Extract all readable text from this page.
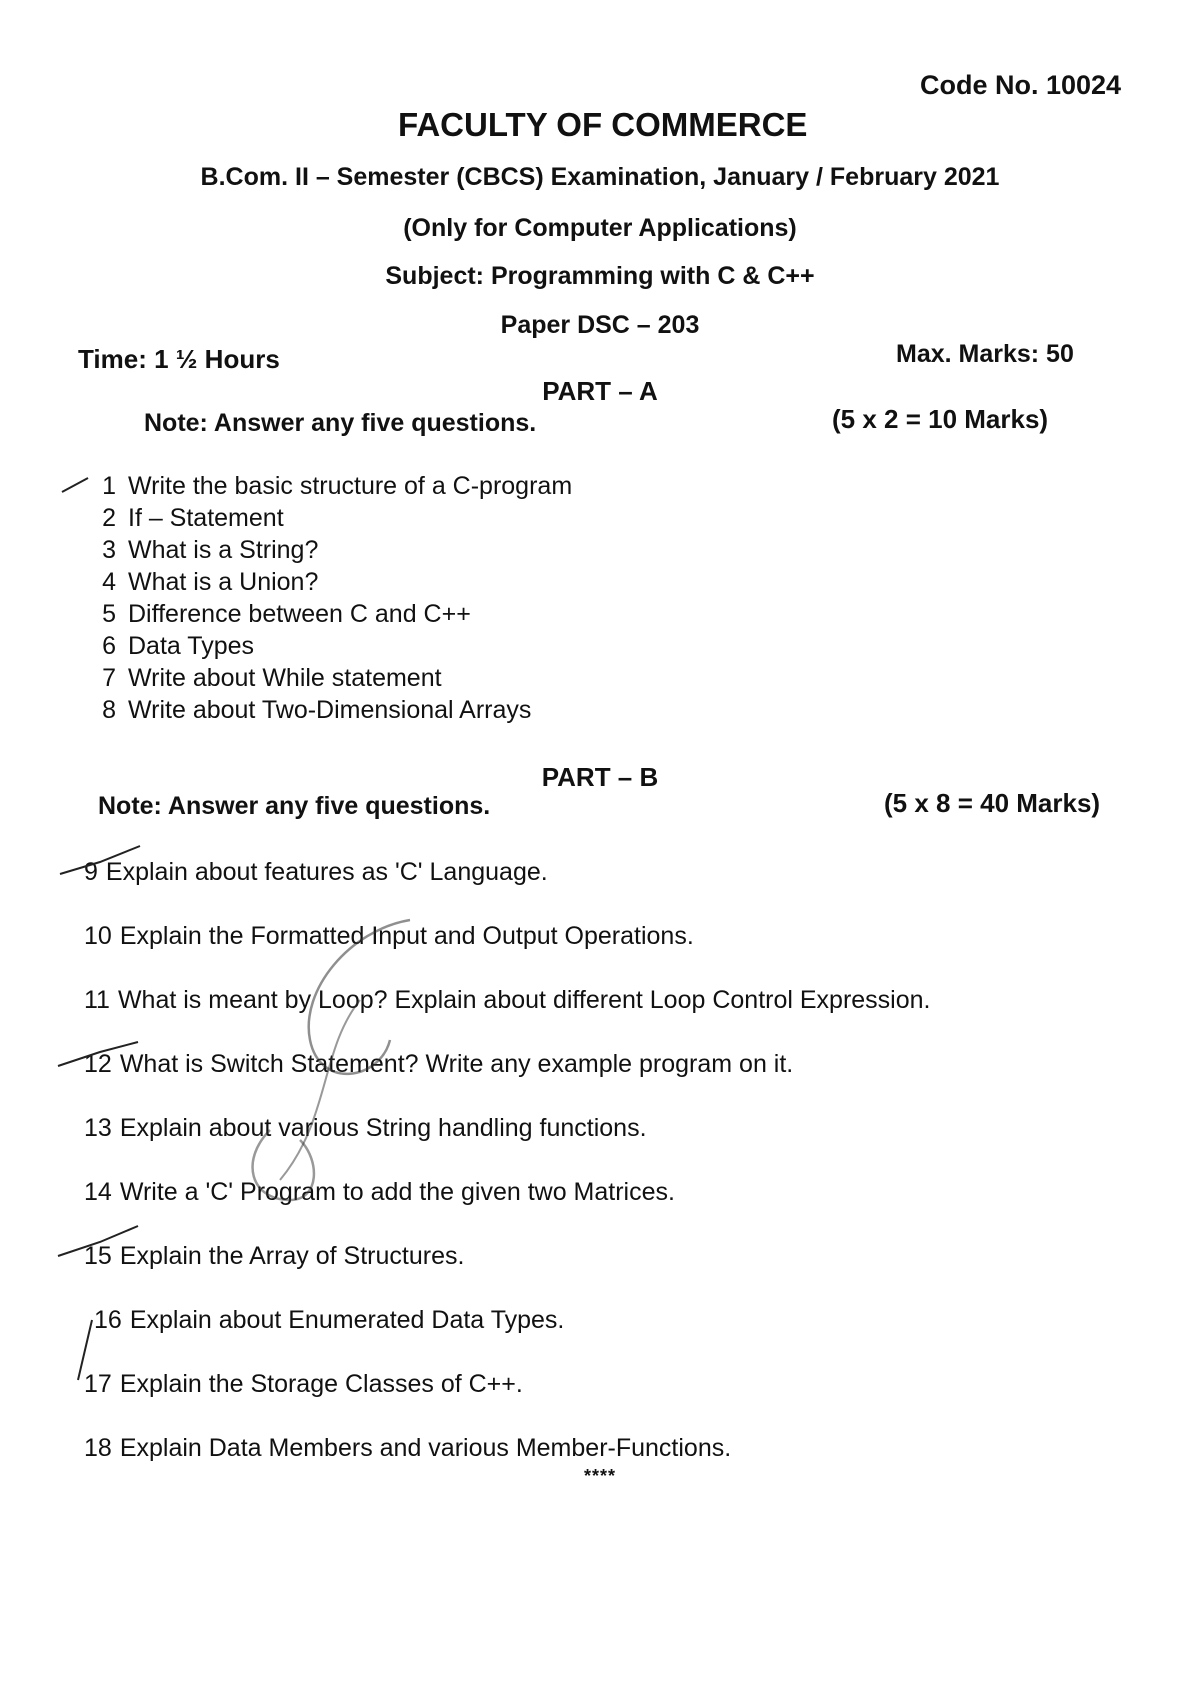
Code No. 10024
FACULTY OF COMMERCE
B.Com. II – Semester (CBCS) Examination, January / February 2021
(Only for Computer Applications)
Subject: Programming with C & C++
Paper DSC – 203
Time: 1 ½ Hours	Max. Marks: 50
PART – A
Note: Answer any five questions.	(5 x 2 = 10 Marks)
1 Write the basic structure of a C-program
2 If – Statement
3 What is a String?
4 What is a Union?
5 Difference between C and C++
6 Data Types
7 Write about While statement
8 Write about Two-Dimensional Arrays
PART – B
Note: Answer any five questions.	(5 x 8 = 40 Marks)
9 Explain about features as 'C' Language.
10 Explain the Formatted Input and Output Operations.
11 What is meant by Loop? Explain about different Loop Control Expression.
12 What is Switch Statement? Write any example program on it.
13 Explain about various String handling functions.
14 Write a 'C' Program to add the given two Matrices.
15 Explain the Array of Structures.
16 Explain about Enumerated Data Types.
17 Explain the Storage Classes of C++.
18 Explain Data Members and various Member-Functions.
****
